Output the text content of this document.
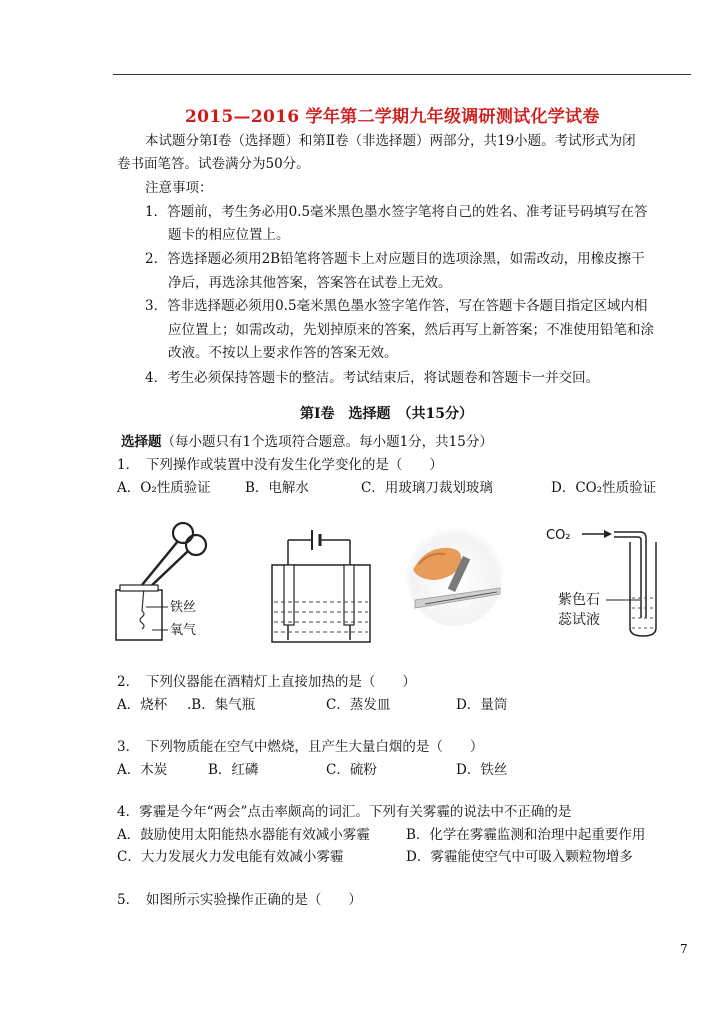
2015—2016 学年第二学期九年级调研测试化学试卷
本试题分第Ⅰ卷（选择题）和第Ⅱ卷（非选择题）两部分，共19小题。考试形式为闭
卷书面笔答。试卷满分为50分。
注意事项：
1．答题前，考生务必用0.5毫米黑色墨水签字笔将自己的姓名、准考证号码填写在答
题卡的相应位置上。
2．答选择题必须用2B铅笔将答题卡上对应题目的选项涂黑，如需改动，用橡皮擦干
净后，再选涂其他答案，答案答在试卷上无效。
3．答非选择题必须用0.5毫米黑色墨水签字笔作答，写在答题卡各题目指定区域内相
应位置上；如需改动，先划掉原来的答案，然后再写上新答案；不准使用铅笔和涂
改液。不按以上要求作答的答案无效。
4．考生必须保持答题卡的整洁。考试结束后，将试题卷和答题卡一并交回。
第Ⅰ卷　选择题　（共15分）
选择题（每小题只有1个选项符合题意。每小题1分，共15分）
1．　下列操作或装置中没有发生化学变化的是（　　）
A．O₂性质验证	B．电解水	C．用玻璃刀裁划玻璃	D．CO₂性质验证
铁丝
氧气
CO₂
紫色石
蕊试液
2．　下列仪器能在酒精灯上直接加热的是（　　）
A．烧杯 .B．集气瓶	C．蒸发皿	D．量筒
3．　下列物质能在空气中燃烧，且产生大量白烟的是（　　）
A．木炭	B．红磷	C．硫粉	D．铁丝
4．雾霾是今年“两会”点击率颇高的词汇。下列有关雾霾的说法中不正确的是
A．鼓励使用太阳能热水器能有效减小雾霾	B．化学在雾霾监测和治理中起重要作用
C．大力发展火力发电能有效减小雾霾	D．雾霾能使空气中可吸入颗粒物增多
5．　如图所示实验操作正确的是（　　）
7
